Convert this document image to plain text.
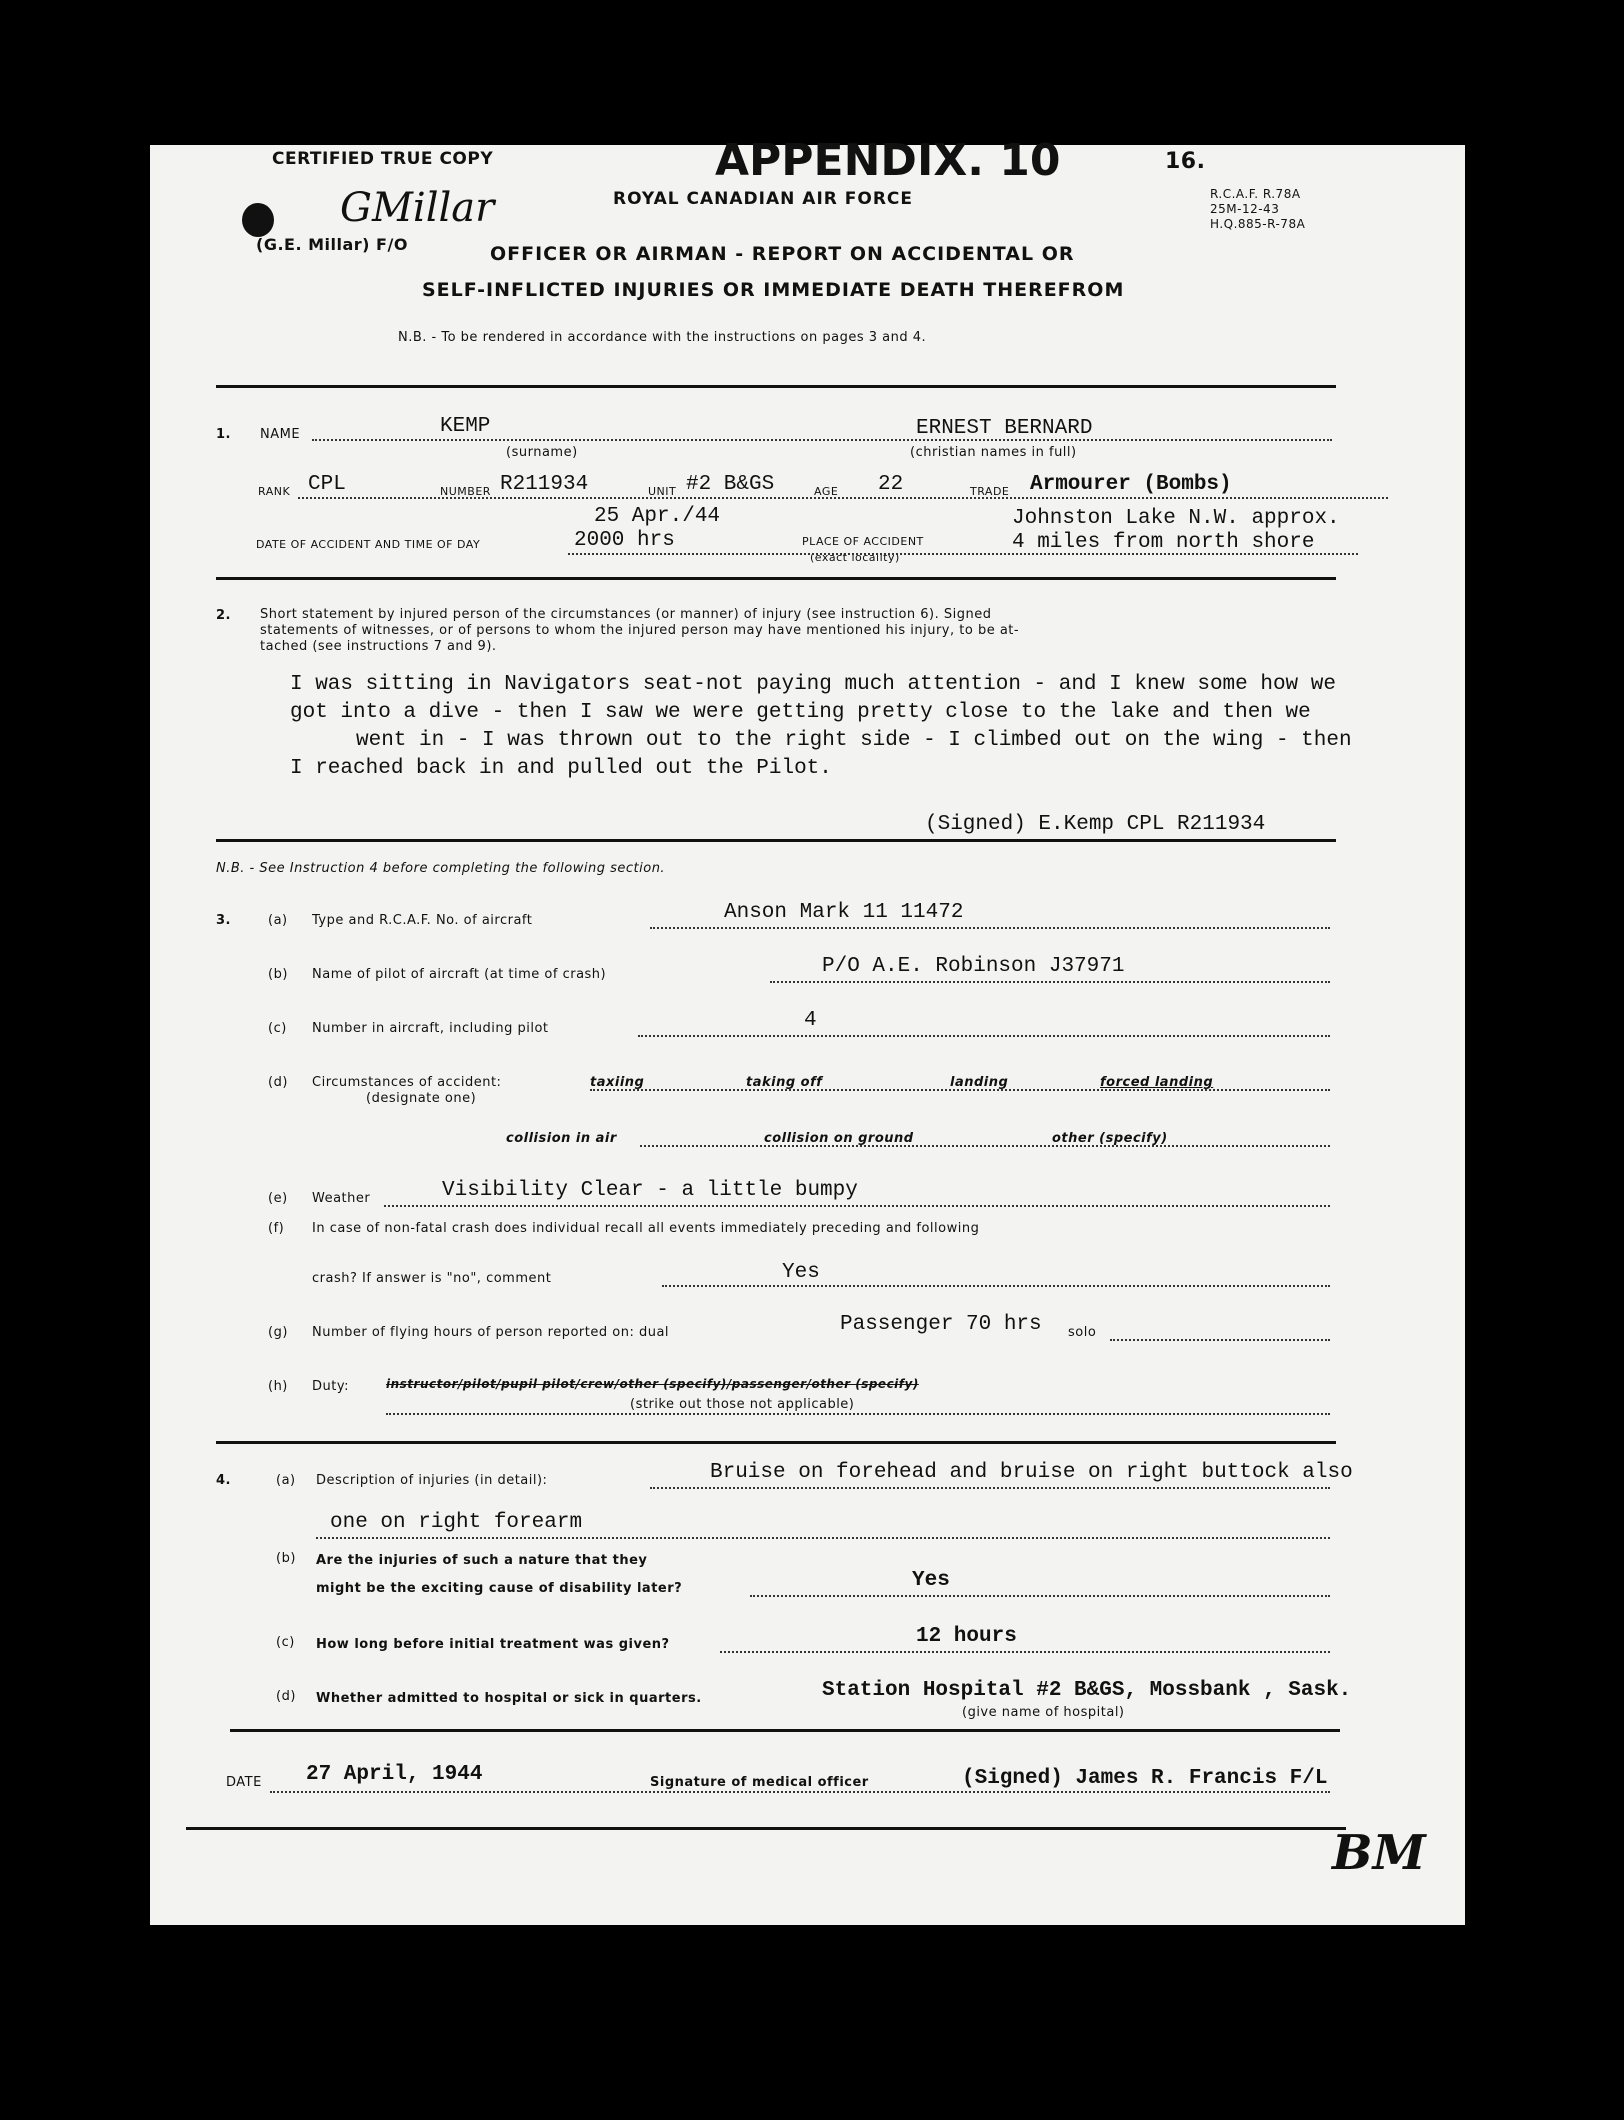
CERTIFIED TRUE COPY
GMillar
(G.E. Millar) F/O
APPENDIX. 10	16.
ROYAL CANADIAN AIR FORCE	R.C.A.F. R.78A
25M-12-43
H.Q.885-R-78A
OFFICER OR AIRMAN - REPORT ON ACCIDENTAL OR
SELF-INFLICTED INJURIES OR IMMEDIATE DEATH THEREFROM
N.B. - To be rendered in accordance with the instructions on pages 3 and 4.
1. NAME	KEMP
(surname)
ERNEST BERNARD
(christian names in full)
RANK CPL	NUMBER R211934	UNIT #2 B&GS	AGE 22	TRADE Armourer (Bombs)
25 Apr./44
DATE OF ACCIDENT AND TIME OF DAY	2000 hrs	PLACE OF ACCIDENT
(exact locality)
Johnston Lake N.W. approx.
4 miles from north shore
2. Short statement by injured person of the circumstances (or manner) of injury (see instruction 6). Signed
statements of witnesses, or of persons to whom the injured person may have mentioned his injury, to be at-
tached (see instructions 7 and 9).
I was sitting in Navigators seat-not paying much attention - and I knew some how we
got into a dive - then I saw we were getting pretty close to the lake and then we
went in - I was thrown out to the right side - I climbed out on the wing - then
I reached back in and pulled out the Pilot.
(Signed) E.Kemp CPL R211934
N.B. - See Instruction 4 before completing the following section.
3.	(a) Type and R.C.A.F. No. of aircraft	Anson Mark 11 11472
(b) Name of pilot of aircraft (at time of crash)	P/O A.E. Robinson J37971
(c) Number in aircraft, including pilot	4
(d) Circumstances of accident:
(designate one)
taxiing	taking off	landing	forced landing
collision in air	collision on ground	other (specify)
(e) Weather	Visibility Clear - a little bumpy
(f) In case of non-fatal crash does individual recall all events immediately preceding and following
crash? If answer is "no", comment	Yes
(g) Number of flying hours of person reported on: dual	Passenger 70 hrs solo
(h) Duty:	instructor/pilot/pupil pilot/crew/other (specify)/passenger/other (specify)
(strike out those not applicable)
4.	(a) Description of injuries (in detail):	Bruise on forehead and bruise on right buttock also
one on right forearm
(b) Are the injuries of such a nature that they
might be the exciting cause of disability later?	Yes
(c) How long before initial treatment was given?	12 hours
(d) Whether admitted to hospital or sick in quarters.	Station Hospital #2 B&GS, Mossbank , Sask.
(give name of hospital)
DATE 27 April, 1944	Signature of medical officer	(Signed) James R. Francis F/L
BM
